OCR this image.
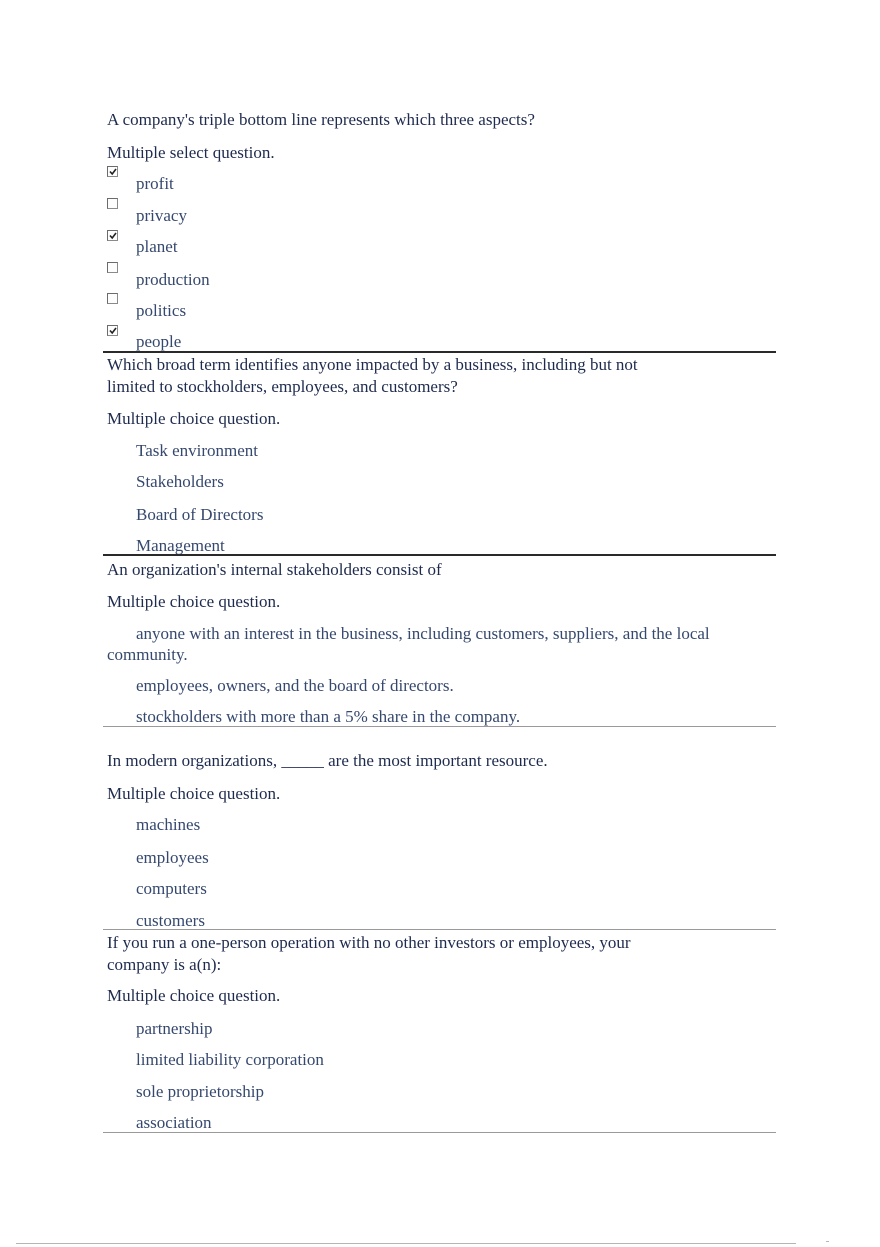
A company's triple bottom line represents which three aspects?
Multiple select question.
profit
privacy
planet
production
politics
people
Which broad term identifies anyone impacted by a business, including but not limited to stockholders, employees, and customers?
Multiple choice question.
Task environment
Stakeholders
Board of Directors
Management
An organization's internal stakeholders consist of
Multiple choice question.
anyone with an interest in the business, including customers, suppliers, and the local community.
employees, owners, and the board of directors.
stockholders with more than a 5% share in the company.
In modern organizations, _____ are the most important resource.
Multiple choice question.
machines
employees
computers
customers
If you run a one-person operation with no other investors or employees, your company is a(n):
Multiple choice question.
partnership
limited liability corporation
sole proprietorship
association
